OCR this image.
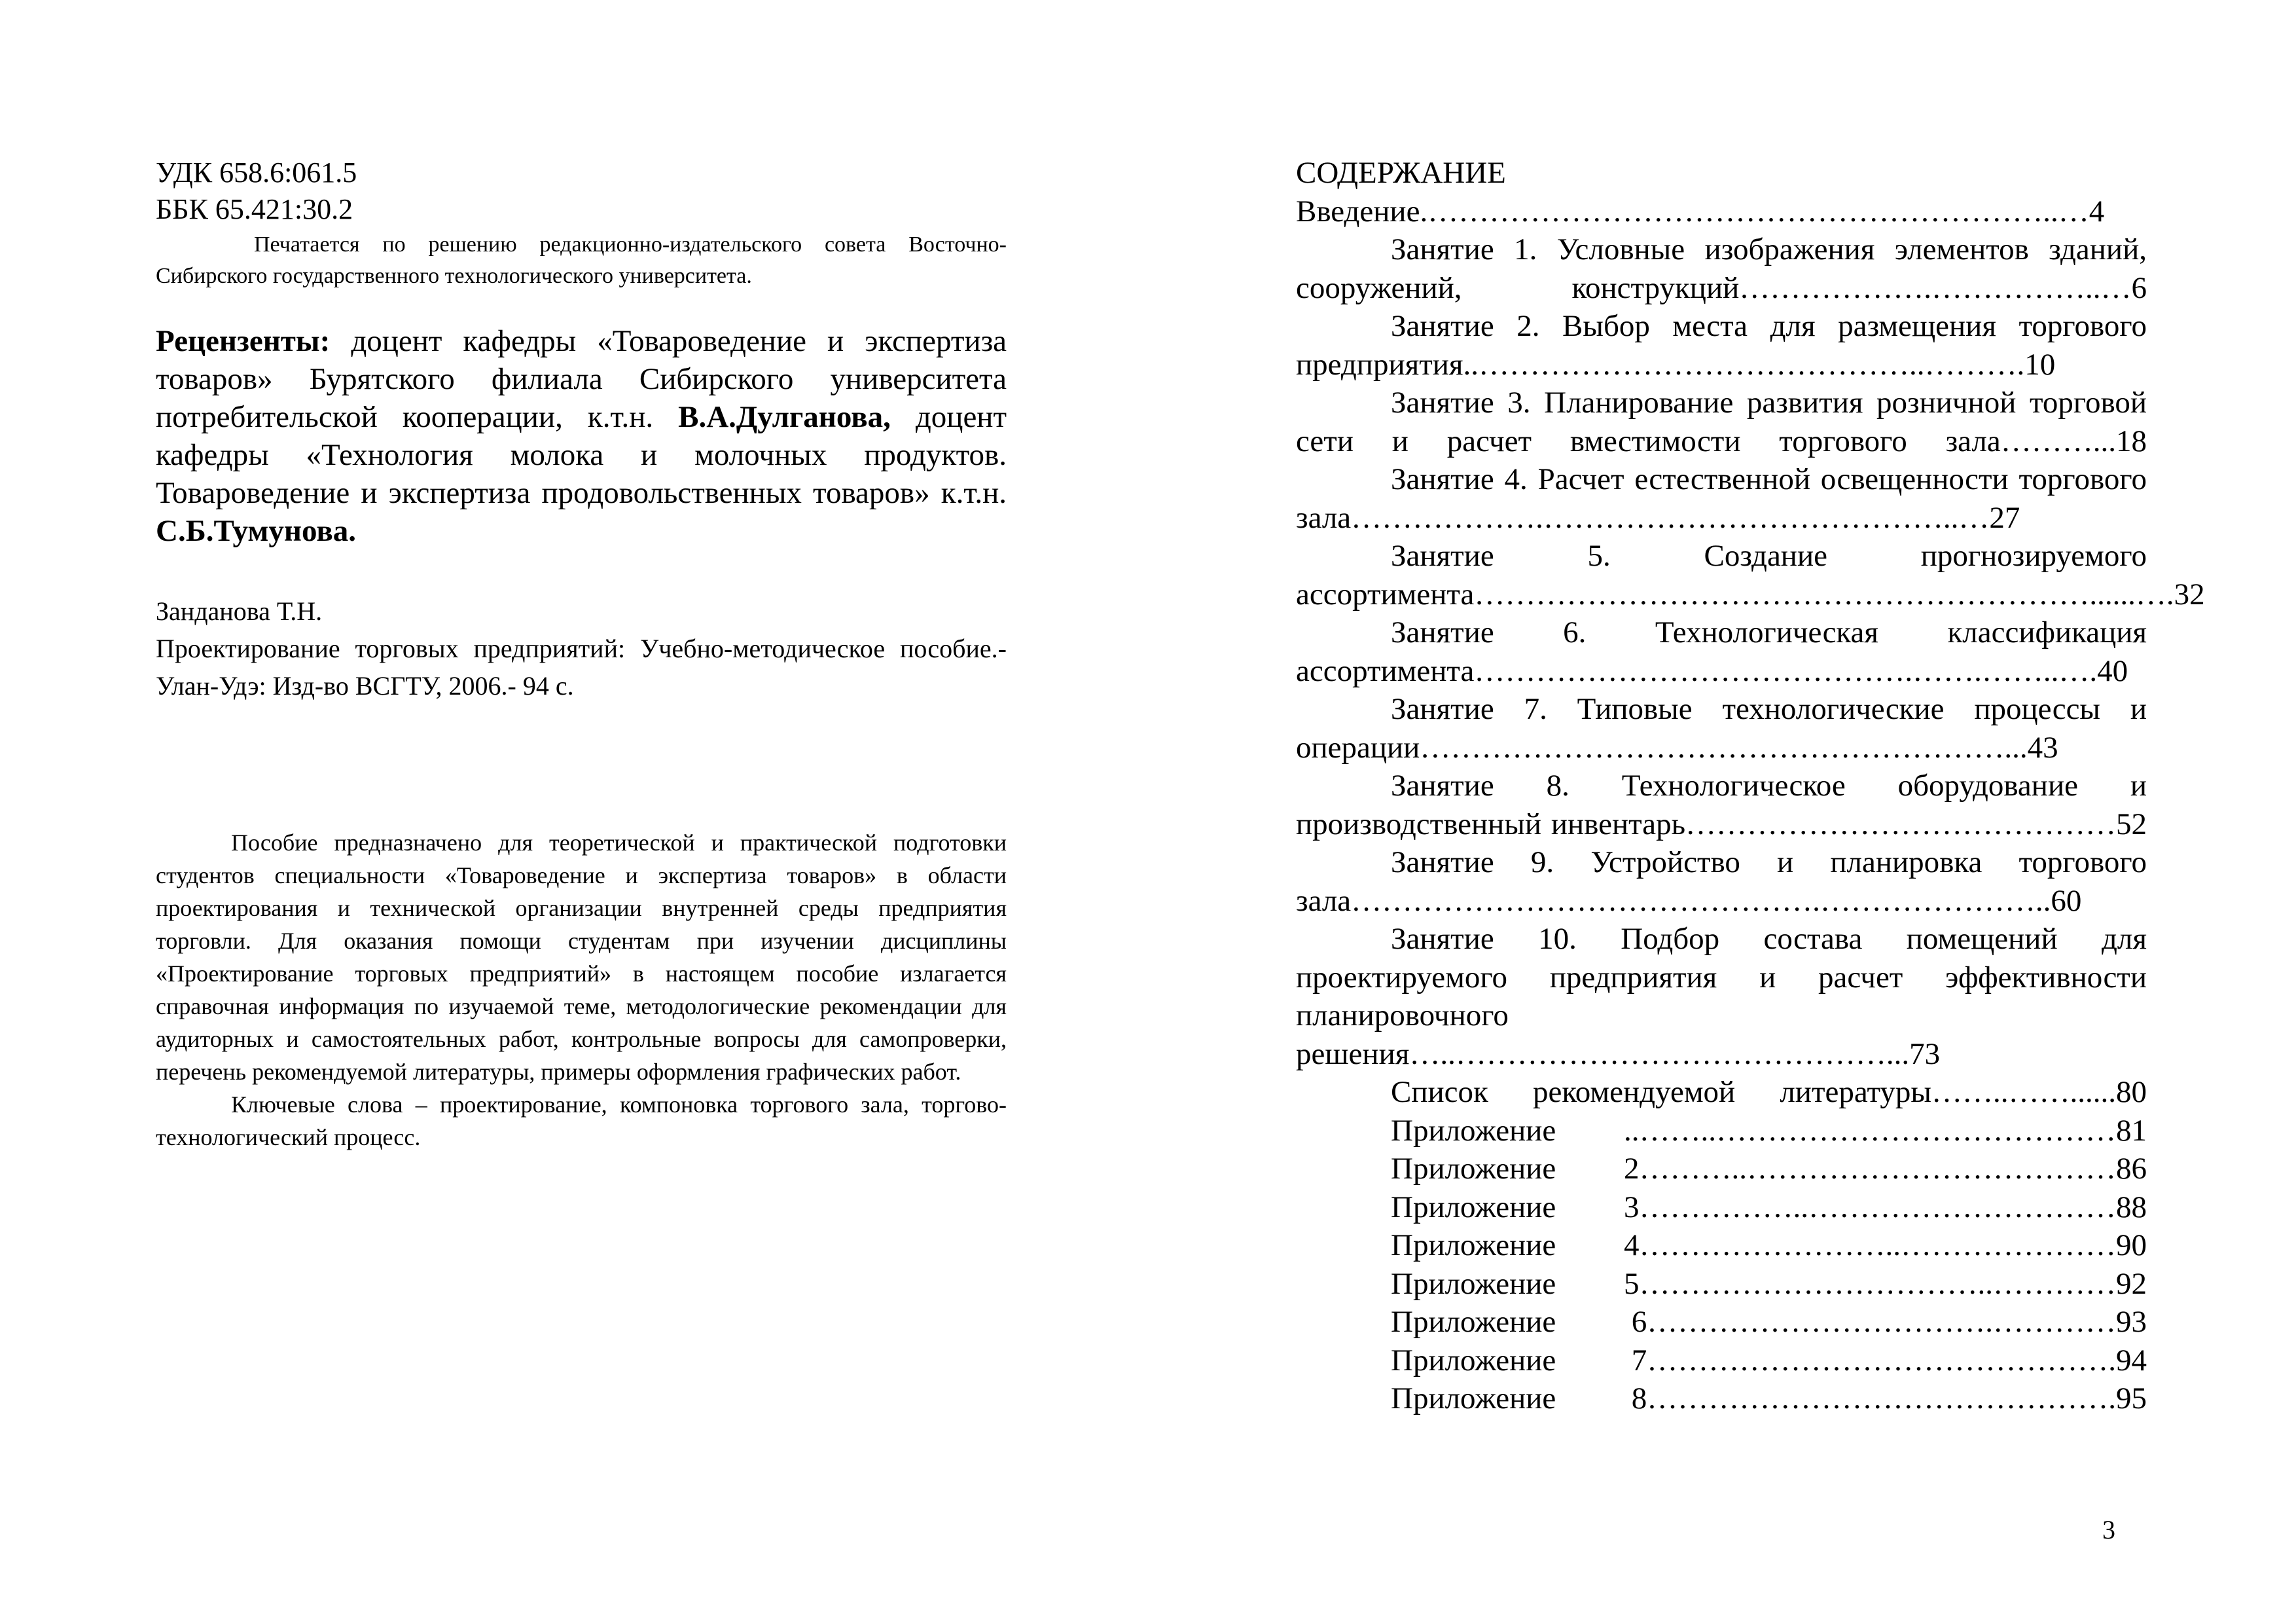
УДК 658.6:061.5
ББК 65.421:30.2
Печатается по решению редакционно-издательского совета Восточно-Сибирского государственного технологического университета.
Рецензенты: доцент кафедры «Товароведение и экспертиза товаров» Бурятского филиала Сибирского университета потребительской кооперации, к.т.н. В.А.Дулганова, доцент кафедры «Технология молока и молочных продуктов. Товароведение и экспертиза продовольственных товаров» к.т.н. С.Б.Тумунова.
Занданова Т.Н.
Проектирование торговых предприятий: Учебно-методическое пособие.- Улан-Удэ: Изд-во ВСГТУ, 2006.- 94 с.

Пособие предназначено для теоретической и практической подготовки студентов специальности «Товароведение и экспертиза товаров» в области проектирования и технической организации внутренней среды предприятия торговли. Для оказания помощи студентам при изучении дисциплины «Проектирование торговых предприятий» в настоящем пособие излагается справочная информация по изучаемой теме, методологические рекомендации для аудиторных и самостоятельных работ, контрольные вопросы для самопроверки, перечень рекомендуемой литературы, примеры оформления графических работ.

Ключевые слова – проектирование, компоновка торгового зала, торгово-технологический процесс.

СОДЕРЖАНИЕ
Введение.……………………………………………………..…4
Занятие 1. Условные изображения элементов зданий, сооружений, конструкций……………….……………..…6
Занятие 2. Выбор места для размещения торгового предприятия..……………………………………..……….10
Занятие 3. Планирование развития розничной торговой сети и расчет вместимости торгового зала………...18
Занятие 4. Расчет естественной освещенности торгового зала……………….…………………………………..…27
Занятие 5. Создание прогнозируемого ассортимента……………………………………………………......….32
Занятие 6. Технологическая классификация ассортимента…………………………………….…….……..….40
Занятие 7. Типовые технологические процессы и операции…………………………………………………...43
Занятие 8. Технологическое оборудование и производственный инвентарь……………………………………52
Занятие 9. Устройство и планировка торгового зала……………………………………….…………………..60
Занятие 10. Подбор состава помещений для проектируемого предприятия и расчет эффективности планировочного решения…..……………………………………...73
Список рекомендуемой литературы……..……......80
Приложение ..……..…………………………………81
Приложение 2………..………………………………86
Приложение 3……………..…………………………88
Приложение 4……………………..…………………90
Приложение 5……………………………..…………92
Приложение 6…………………………….…………93
Приложение 7……………………………………….94
Приложение 8……………………………………….95
3
